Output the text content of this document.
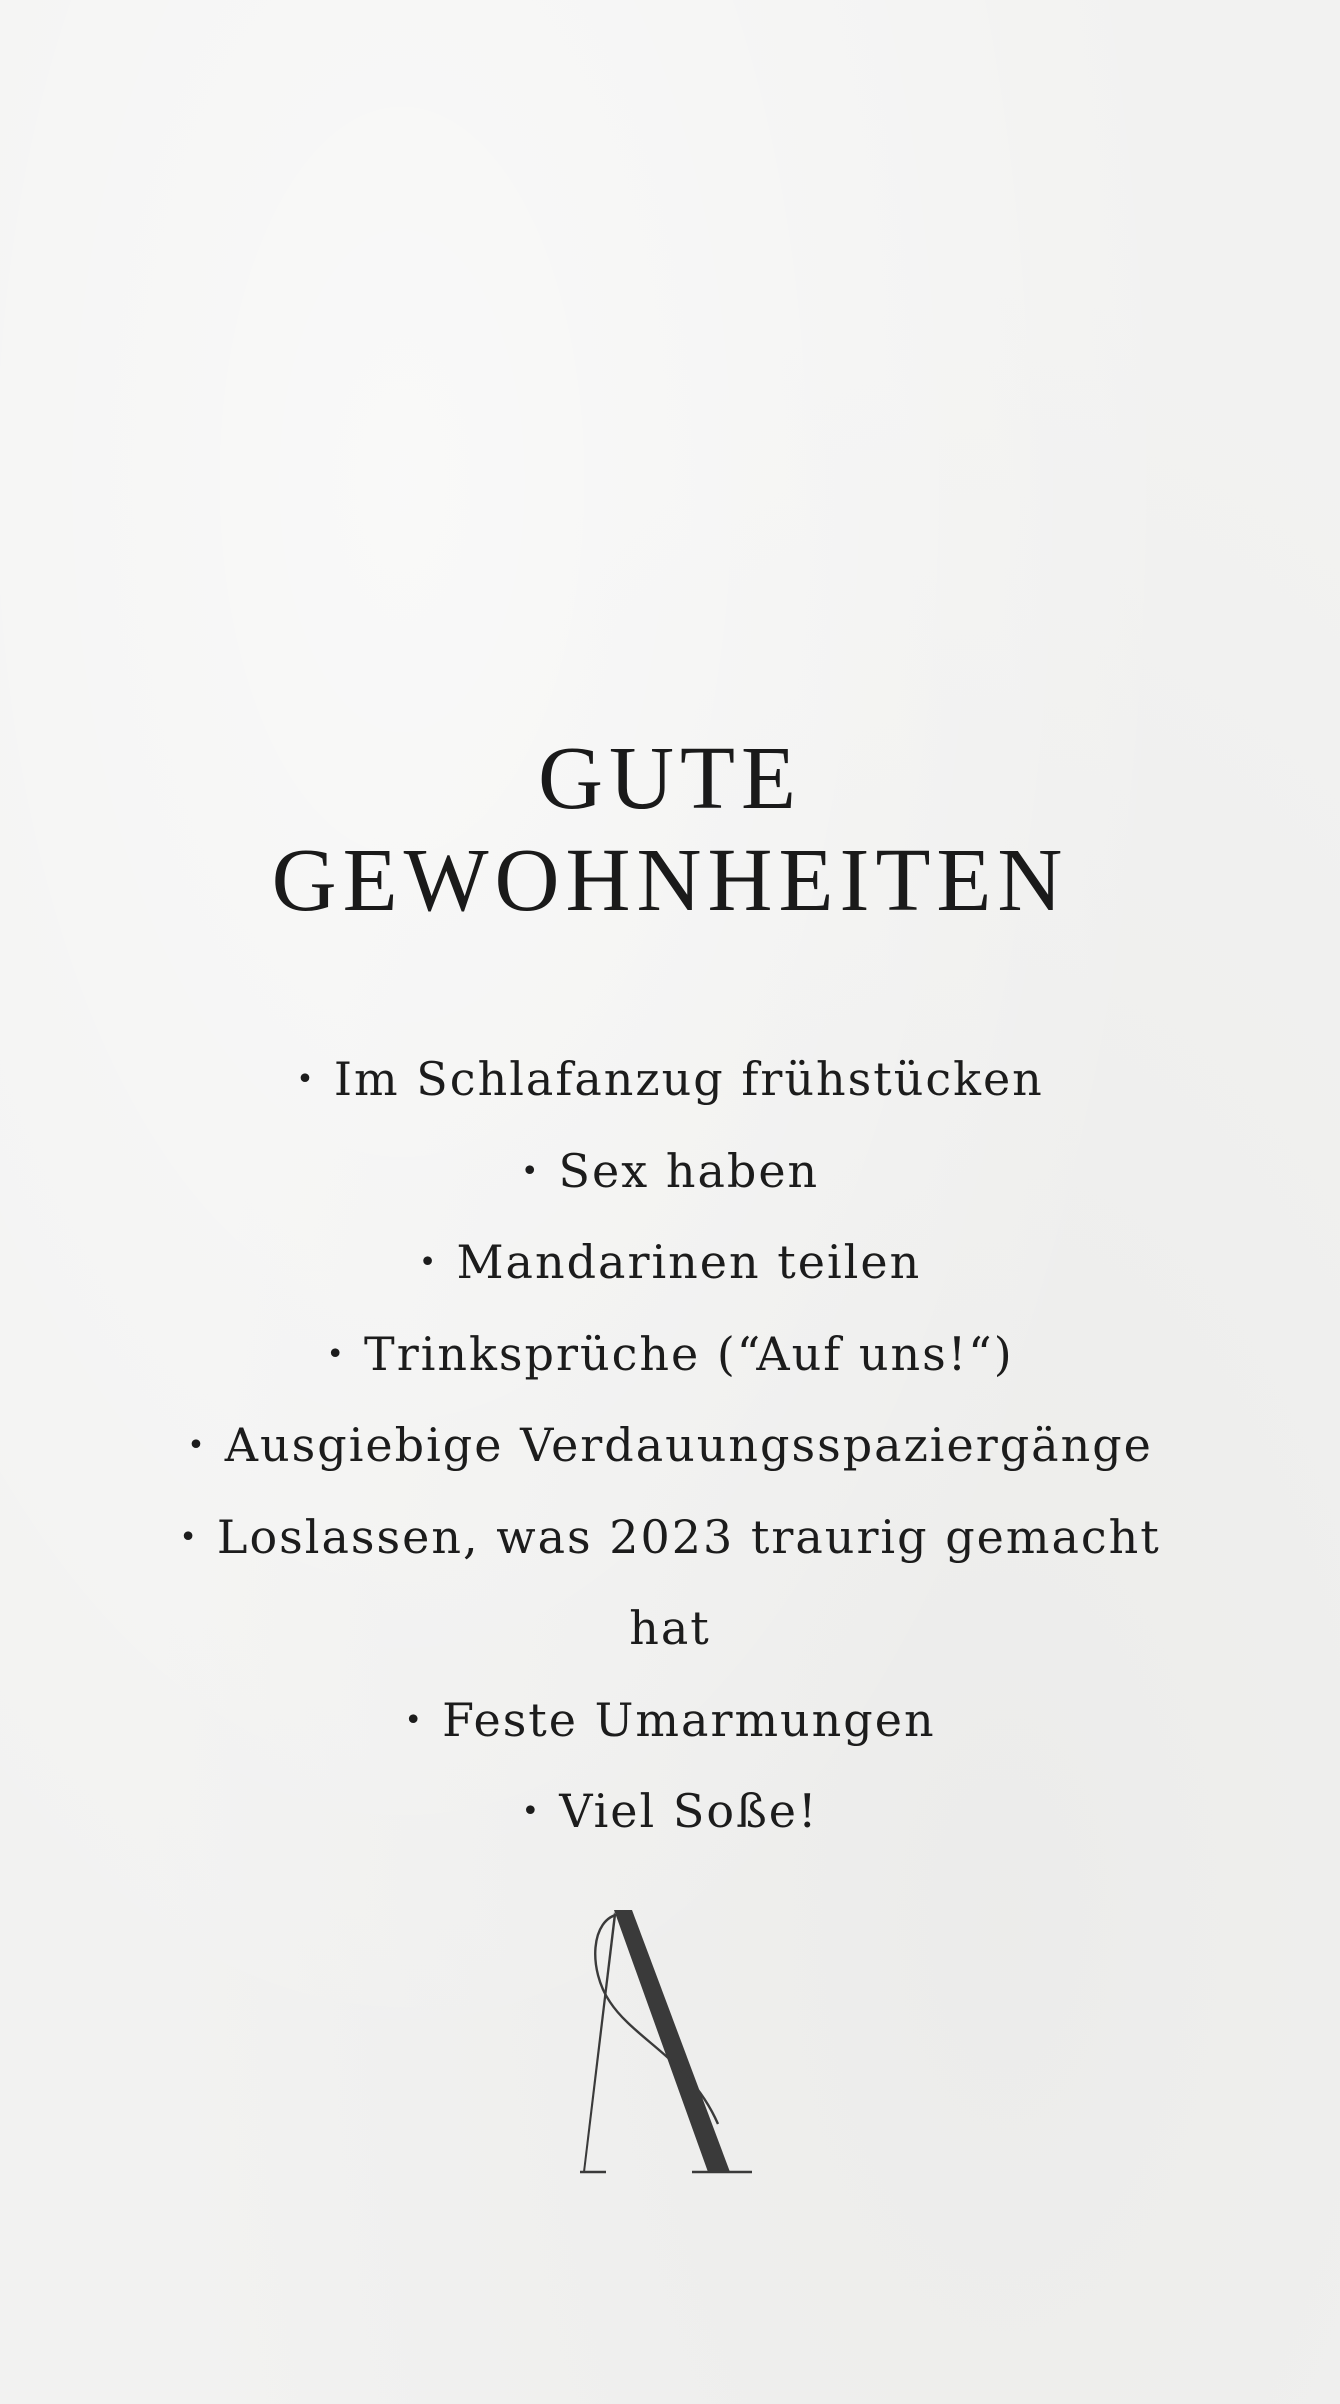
GUTE
GEWOHNHEITEN
• Im Schlafanzug frühstücken
• Sex haben
• Mandarinen teilen
• Trinksprüche (“Auf uns!“)
• Ausgiebige Verdauungsspaziergänge
• Loslassen, was 2023 traurig gemacht hat
• Feste Umarmungen
• Viel Soße!
